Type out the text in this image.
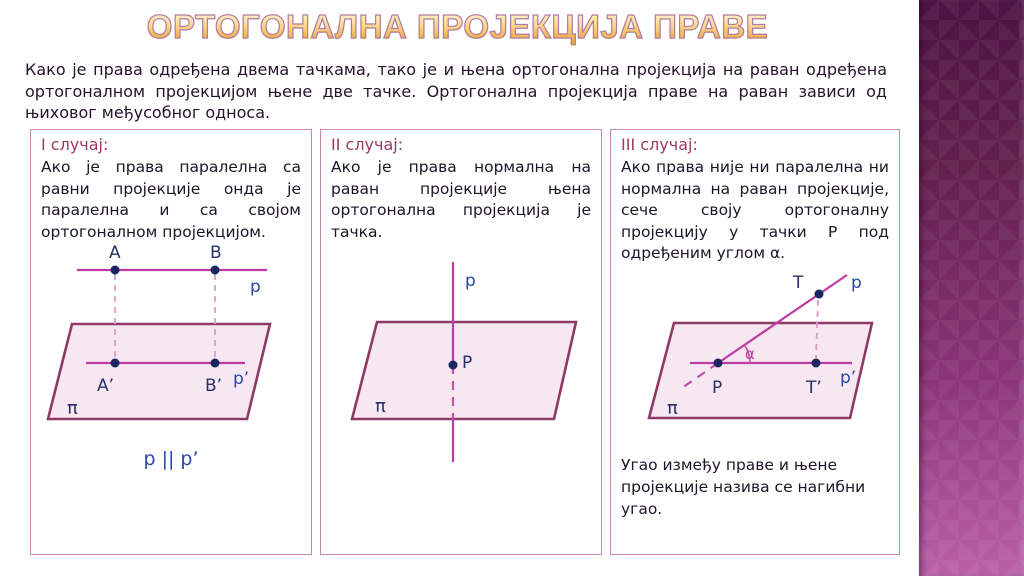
ОРТОГОНАЛНА ПРОЈЕКЦИЈА ПРАВЕ

Како је права одређена двема тачкама, тако је и њена ортогонална пројекција на раван одређена ортогоналном пројекцијом њене две тачке. Ортогонална пројекција праве на раван зависи од њиховог међусобног односа.

I случај:

Ако је права паралелна са равни пројекције онда је паралелна и са својом ортогоналном пројекцијом.

A	B
p
A’	B’ p’
π
p || p’
II случај:

Ако је права нормална на раван пројекције њена ортогонална пројекција је тачка.

p
P
π
III случај:

Ако права није ни паралелна ни нормална на раван пројекције, сече своју ортогоналну пројекцију у тачки P под одређеним углом α.

T	p
α
P	T’ p’
π

Угао између праве и њене пројекције назива се нагибни угао.
